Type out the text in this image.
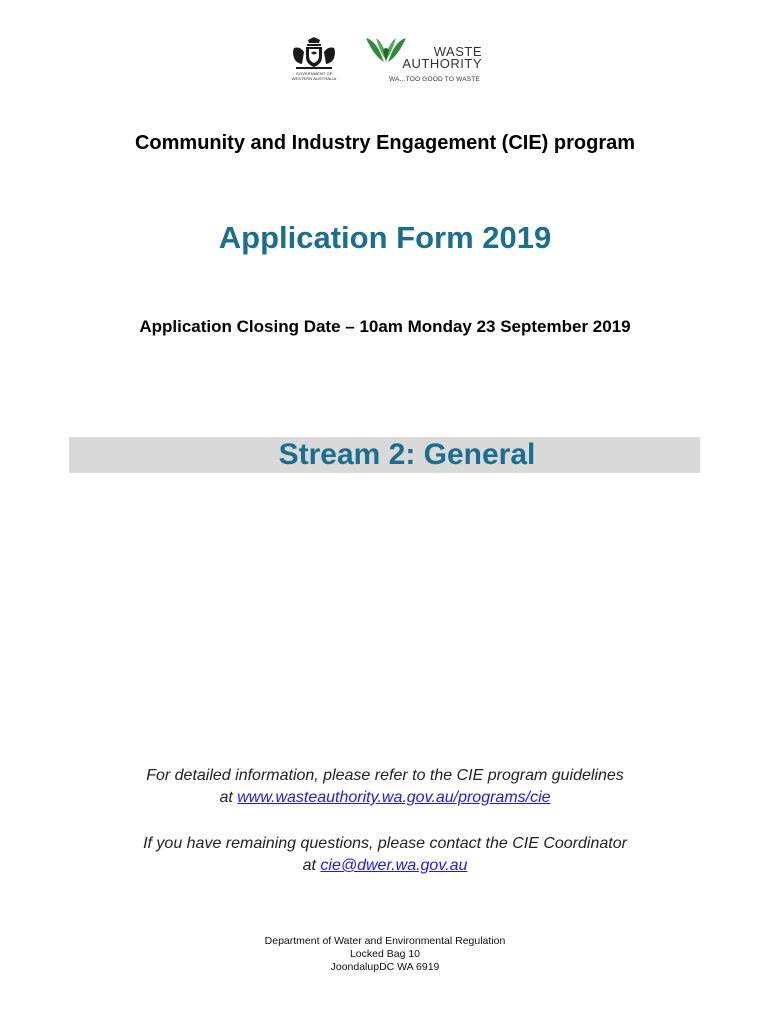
GOVERNMENT OF WESTERN AUSTRALIA
WASTE
AUTHORITY
WA...TOO GOOD TO WASTE
Community and Industry Engagement (CIE) program
Application Form 2019
Application Closing Date – 10am Monday 23 September 2019
Stream 2: General
For detailed information, please refer to the CIE program guidelines
at www.wasteauthority.wa.gov.au/programs/cie
If you have remaining questions, please contact the CIE Coordinator
at cie@dwer.wa.gov.au
Department of Water and Environmental Regulation
Locked Bag 10
JoondalupDC WA 6919
